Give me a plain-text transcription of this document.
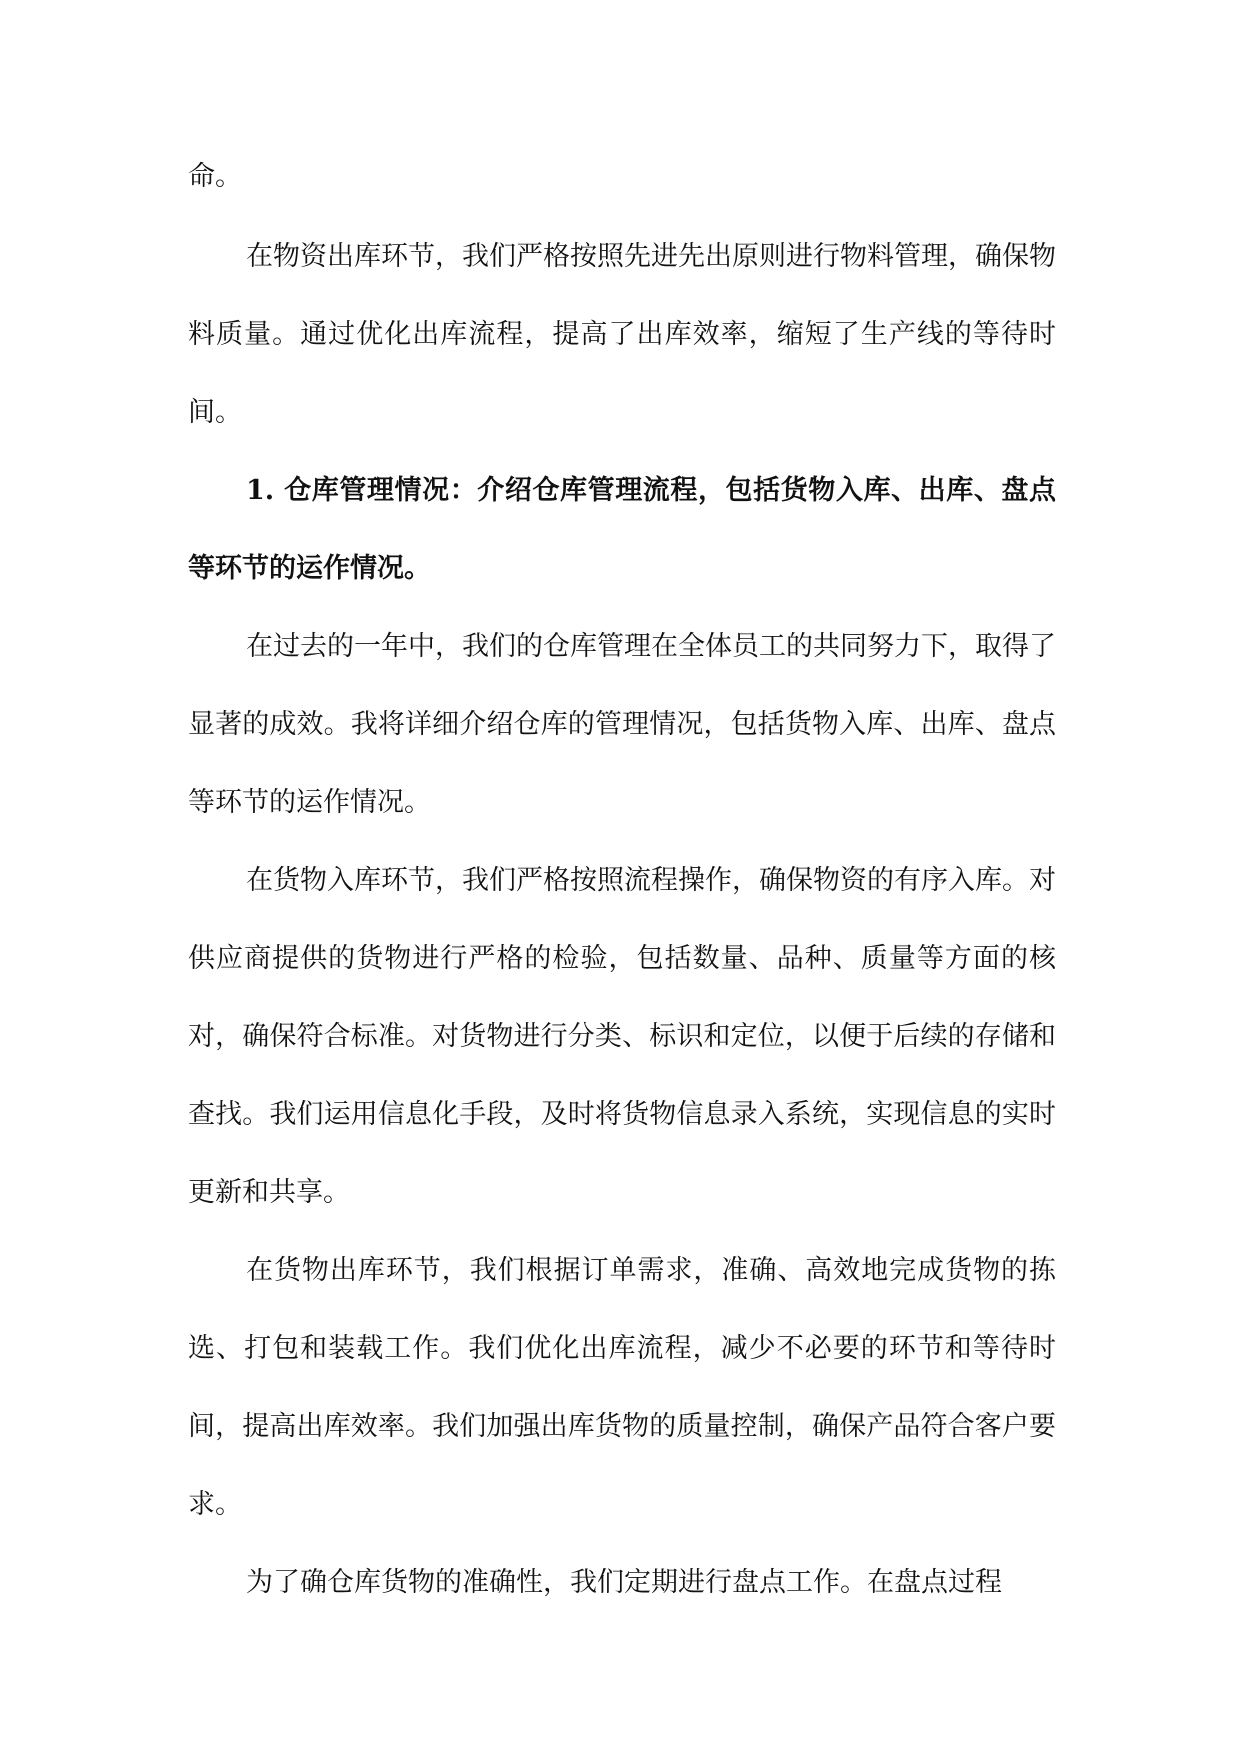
命。

在物资出库环节，我们严格按照先进先出原则进行物料管理，确保物料质量。通过优化出库流程，提高了出库效率，缩短了生产线的等待时间。

1. 仓库管理情况：介绍仓库管理流程，包括货物入库、出库、盘点等环节的运作情况。

在过去的一年中，我们的仓库管理在全体员工的共同努力下，取得了显著的成效。我将详细介绍仓库的管理情况，包括货物入库、出库、盘点等环节的运作情况。

在货物入库环节，我们严格按照流程操作，确保物资的有序入库。对供应商提供的货物进行严格的检验，包括数量、品种、质量等方面的核对，确保符合标准。对货物进行分类、标识和定位，以便于后续的存储和查找。我们运用信息化手段，及时将货物信息录入系统，实现信息的实时更新和共享。

在货物出库环节，我们根据订单需求，准确、高效地完成货物的拣选、打包和装载工作。我们优化出库流程，减少不必要的环节和等待时间，提高出库效率。我们加强出库货物的质量控制，确保产品符合客户要求。

为了确仓库货物的准确性，我们定期进行盘点工作。在盘点过程
